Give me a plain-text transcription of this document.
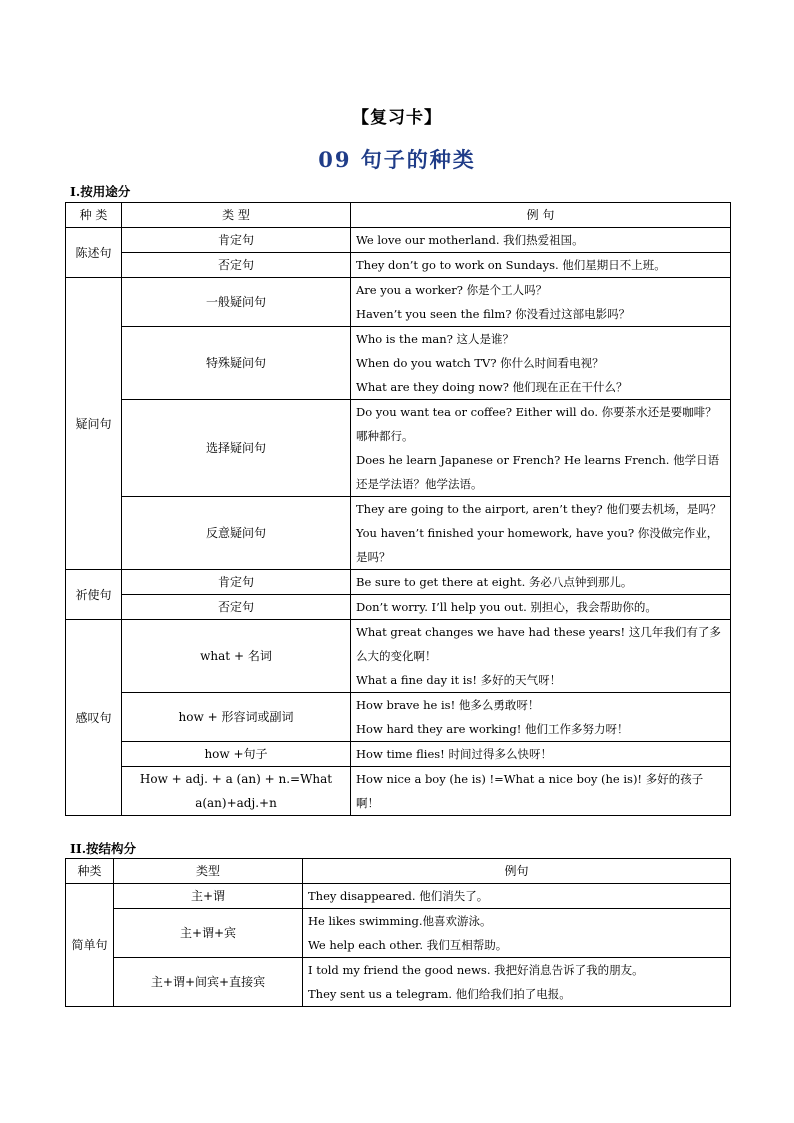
【复习卡】
09 句子的种类
I.按用途分
种 类	类 型	例 句
陈述句	肯定句	We love our motherland. 我们热爱祖国。

	否定句	They don’t go to work on Sundays. 他们星期日不上班。

疑问句	一般疑问句	Are you a worker? 你是个工人吗？
Haven’t you seen the film? 你没看过这部电影吗？

	特殊疑问句	Who is the man? 这人是谁？
When do you watch TV? 你什么时间看电视？
What are they doing now? 他们现在正在干什么？

	选择疑问句	Do you want tea or coffee? Either will do. 你要茶水还是要咖啡？哪种都行。
Does he learn Japanese or French? He learns French. 他学日语还是学法语？他学法语。

	反意疑问句	They are going to the airport, aren’t they? 他们要去机场，是吗？
You haven’t finished your homework, have you? 你没做完作业，是吗？

祈使句	肯定句	Be sure to get there at eight. 务必八点钟到那儿。

	否定句	Don’t worry. I’ll help you out. 别担心，我会帮助你的。

感叹句	what + 名词	What great changes we have had these years! 这几年我们有了多么大的变化啊！
What a fine day it is! 多好的天气呀！

	how + 形容词或副词	How brave he is! 他多么勇敢呀！
How hard they are working! 他们工作多努力呀！

	how +句子	How time flies! 时间过得多么快呀！

	How + adj. + a (an) + n.=What a(an)+adj.+n	How nice a boy (he is) !=What a nice boy (he is)! 多好的孩子啊！
II.按结构分
种类	类型	例句
简单句	主+谓	They disappeared. 他们消失了。

	主+谓+宾	He likes swimming.他喜欢游泳。
We help each other. 我们互相帮助。

	主+谓+间宾+直接宾	I told my friend the good news. 我把好消息告诉了我的朋友。
They sent us a telegram. 他们给我们拍了电报。
